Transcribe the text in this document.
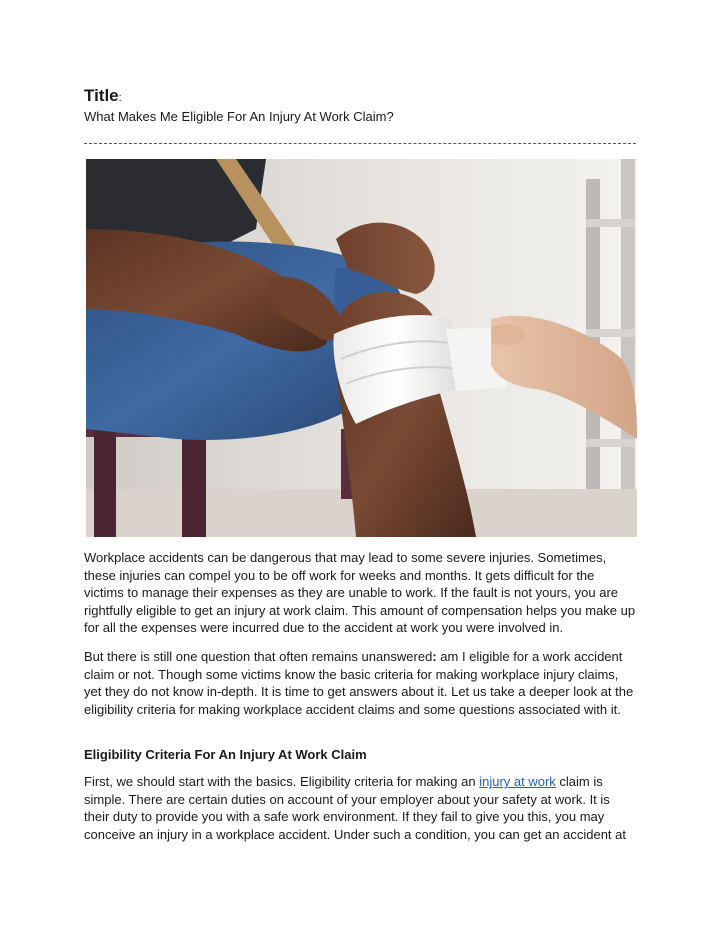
Title:
What Makes Me Eligible For An Injury At Work Claim?

Workplace accidents can be dangerous that may lead to some severe injuries. Sometimes, these injuries can compel you to be off work for weeks and months. It gets difficult for the victims to manage their expenses as they are unable to work. If the fault is not yours, you are rightfully eligible to get an injury at work claim. This amount of compensation helps you make up for all the expenses were incurred due to the accident at work you were involved in.

But there is still one question that often remains unanswered: am I eligible for a work accident claim or not. Though some victims know the basic criteria for making workplace injury claims, yet they do not know in-depth. It is time to get answers about it. Let us take a deeper look at the eligibility criteria for making workplace accident claims and some questions associated with it.

Eligibility Criteria For An Injury At Work Claim

First, we should start with the basics. Eligibility criteria for making an injury at work claim is simple. There are certain duties on account of your employer about your safety at work. It is their duty to provide you with a safe work environment. If they fail to give you this, you may conceive an injury in a workplace accident. Under such a condition, you can get an accident at
